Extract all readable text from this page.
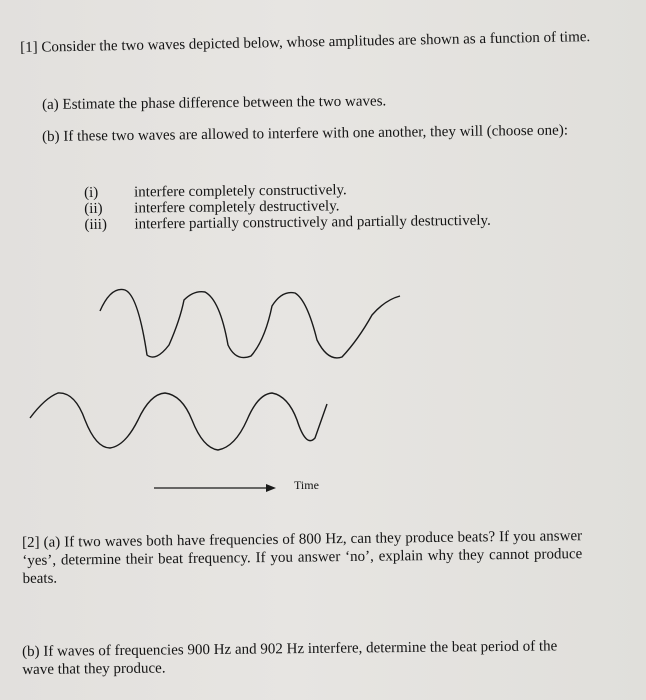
[1] Consider the two waves depicted below, whose amplitudes are shown as a function of time.
(a) Estimate the phase difference between the two waves.
(b) If these two waves are allowed to interfere with one another, they will (choose one):
(i)	interfere completely constructively.
(ii)	interfere completely destructively.
(iii)	interfere partially constructively and partially destructively.
Time
[2] (a) If two waves both have frequencies of 800 Hz, can they produce beats? If you answer ‘yes’, determine their beat frequency. If you answer ‘no’, explain why they cannot produce beats.
(b) If waves of frequencies 900 Hz and 902 Hz interfere, determine the beat period of the wave that they produce.
